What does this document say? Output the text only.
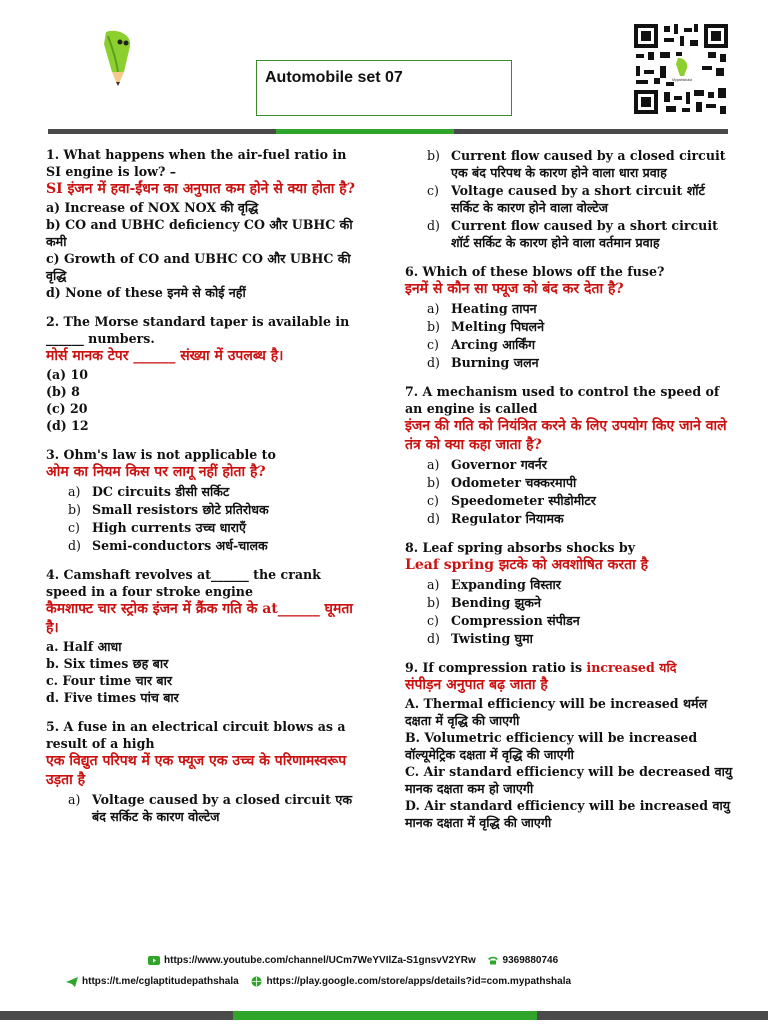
Automobile set 07	Mypathshala
1. What happens when the air-fuel ratio in SI engine is low? –
SI इंजन में हवा-ईंधन का अनुपात कम होने से क्या होता है?
a) Increase of NOX NOX की वृद्धि
b) CO and UBHC deficiency CO और UBHC की कमी
c) Growth of CO and UBHC CO और UBHC की वृद्धि
d) None of these इनमे से कोई नहीं
2. The Morse standard taper is available in ______ numbers.
मोर्स मानक टेपर ______ संख्या में उपलब्ध है।
(a) 10
(b) 8
(c) 20
(d) 12
3. Ohm's law is not applicable to
ओम का नियम किस पर लागू नहीं होता है?
a) DC circuits डीसी सर्किट
b) Small resistors छोटे प्रतिरोधक
c) High currents उच्च धाराएँ
d) Semi-conductors अर्ध-चालक
4. Camshaft revolves at______ the crank speed in a four stroke engine
कैमशाफ्ट चार स्ट्रोक इंजन में क्रैंक गति के at______ घूमता है।
a. Half आधा
b. Six times छह बार
c. Four time चार बार
d. Five times पांच बार
5. A fuse in an electrical circuit blows as a result of a high
एक विद्युत परिपथ में एक फ्यूज एक उच्च के परिणामस्वरूप उड़ता है
a) Voltage caused by a closed circuit एक बंद सर्किट के कारण वोल्टेज
b) Current flow caused by a closed circuit एक बंद परिपथ के कारण होने वाला धारा प्रवाह
c) Voltage caused by a short circuit शॉर्ट सर्किट के कारण होने वाला वोल्टेज
d) Current flow caused by a short circuit शॉर्ट सर्किट के कारण होने वाला वर्तमान प्रवाह
6. Which of these blows off the fuse?
इनमें से कौन सा फ्यूज को बंद कर देता है?
a) Heating तापन
b) Melting पिघलने
c) Arcing आर्किंग
d) Burning जलन
7. A mechanism used to control the speed of an engine is called
इंजन की गति को नियंत्रित करने के लिए उपयोग किए जाने वाले तंत्र को क्या कहा जाता है?
a) Governor गवर्नर
b) Odometer चक्करमापी
c) Speedometer स्पीडोमीटर
d) Regulator नियामक
8. Leaf spring absorbs shocks by
Leaf spring झटके को अवशोषित करता है
a) Expanding विस्तार
b) Bending झुकने
c) Compression संपीडन
d) Twisting घुमा
9. If compression ratio is increased यदि
संपीड़न अनुपात बढ़ जाता है
A. Thermal efficiency will be increased थर्मल दक्षता में वृद्धि की जाएगी
B. Volumetric efficiency will be increased वॉल्यूमेट्रिक दक्षता में वृद्धि की जाएगी
C. Air standard efficiency will be decreased वायु मानक दक्षता कम हो जाएगी
D. Air standard efficiency will be increased वायु मानक दक्षता में वृद्धि की जाएगी
https://www.youtube.com/channel/UCm7WeYVIlZa-S1gnsvV2YRw	9369880746
https://t.me/cglaptitudepathshala	https://play.google.com/store/apps/details?id=com.mypathshala
